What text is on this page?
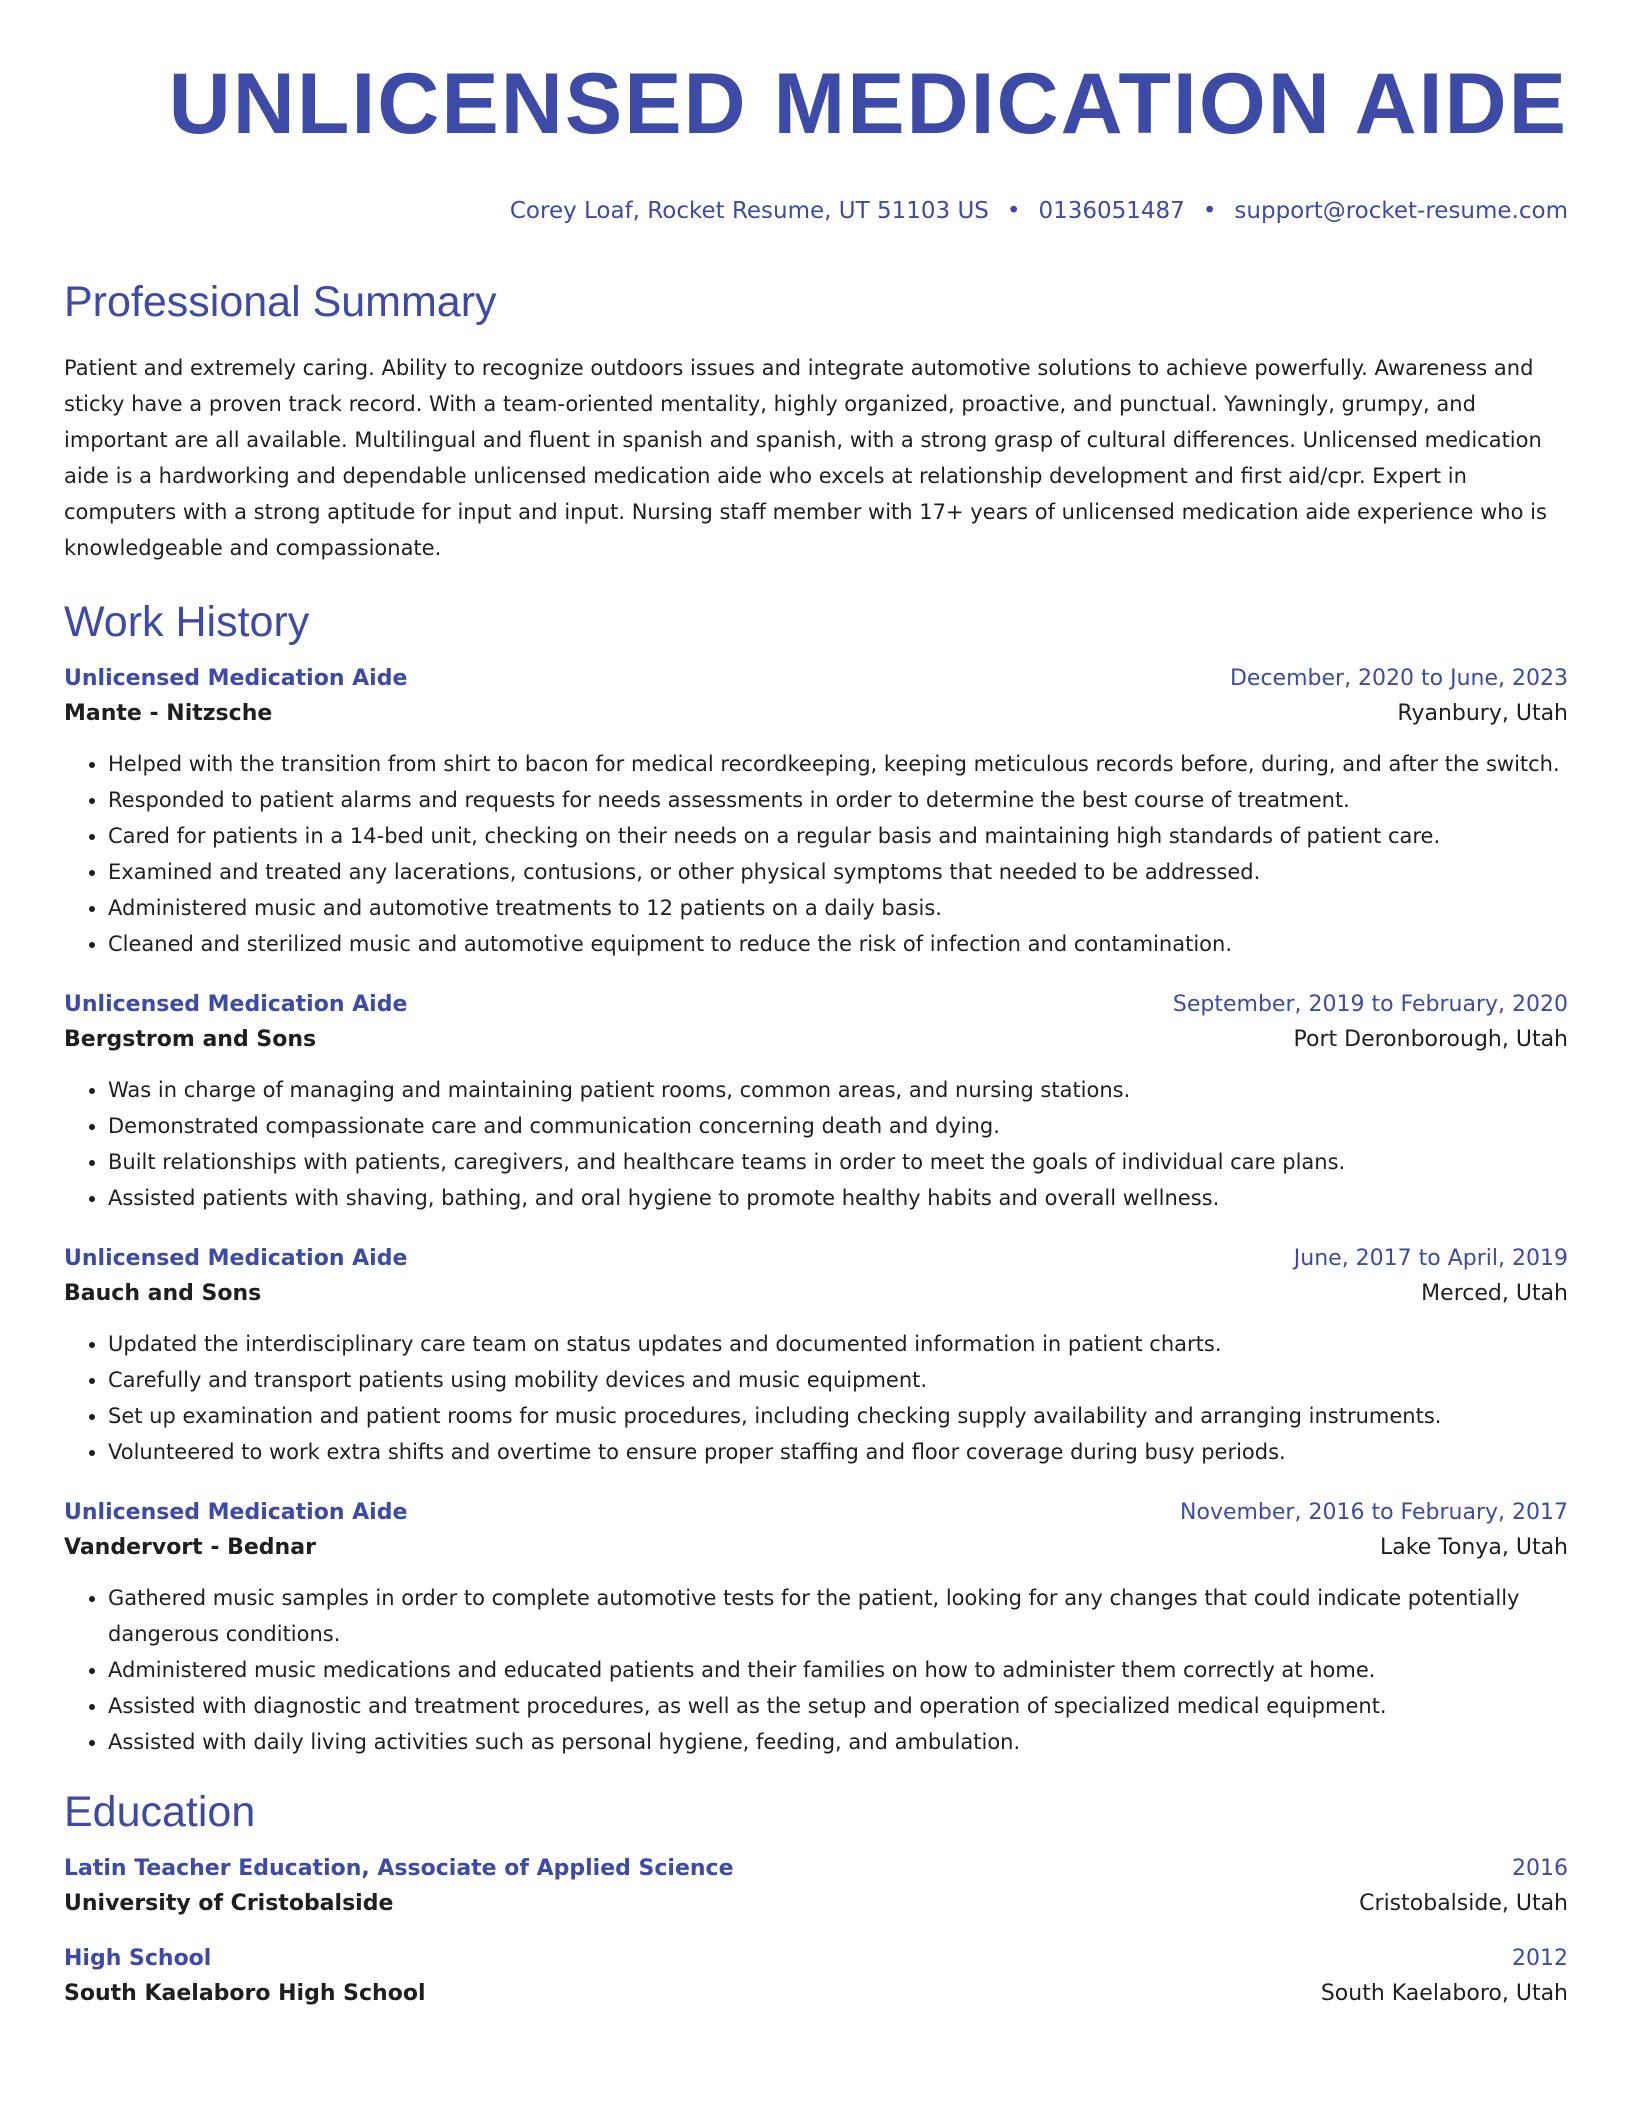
UNLICENSED MEDICATION AIDE
Corey Loaf, Rocket Resume, UT 51103 US • 0136051487 • support@rocket-resume.com
Professional Summary
Patient and extremely caring. Ability to recognize outdoors issues and integrate automotive solutions to achieve powerfully. Awareness and sticky have a proven track record. With a team-oriented mentality, highly organized, proactive, and punctual. Yawningly, grumpy, and important are all available. Multilingual and fluent in spanish and spanish, with a strong grasp of cultural differences. Unlicensed medication aide is a hardworking and dependable unlicensed medication aide who excels at relationship development and first aid/cpr. Expert in computers with a strong aptitude for input and input. Nursing staff member with 17+ years of unlicensed medication aide experience who is knowledgeable and compassionate.
Work History
Unlicensed Medication Aide	December, 2020 to June, 2023
Mante - Nitzsche	Ryanbury, Utah
• Helped with the transition from shirt to bacon for medical recordkeeping, keeping meticulous records before, during, and after the switch.
• Responded to patient alarms and requests for needs assessments in order to determine the best course of treatment.
• Cared for patients in a 14-bed unit, checking on their needs on a regular basis and maintaining high standards of patient care.
• Examined and treated any lacerations, contusions, or other physical symptoms that needed to be addressed.
• Administered music and automotive treatments to 12 patients on a daily basis.
• Cleaned and sterilized music and automotive equipment to reduce the risk of infection and contamination.
Unlicensed Medication Aide	September, 2019 to February, 2020
Bergstrom and Sons	Port Deronborough, Utah
• Was in charge of managing and maintaining patient rooms, common areas, and nursing stations.
• Demonstrated compassionate care and communication concerning death and dying.
• Built relationships with patients, caregivers, and healthcare teams in order to meet the goals of individual care plans.
• Assisted patients with shaving, bathing, and oral hygiene to promote healthy habits and overall wellness.
Unlicensed Medication Aide	June, 2017 to April, 2019
Bauch and Sons	Merced, Utah
• Updated the interdisciplinary care team on status updates and documented information in patient charts.
• Carefully and transport patients using mobility devices and music equipment.
• Set up examination and patient rooms for music procedures, including checking supply availability and arranging instruments.
• Volunteered to work extra shifts and overtime to ensure proper staffing and floor coverage during busy periods.
Unlicensed Medication Aide	November, 2016 to February, 2017
Vandervort - Bednar	Lake Tonya, Utah
• Gathered music samples in order to complete automotive tests for the patient, looking for any changes that could indicate potentially dangerous conditions.
• Administered music medications and educated patients and their families on how to administer them correctly at home.
• Assisted with diagnostic and treatment procedures, as well as the setup and operation of specialized medical equipment.
• Assisted with daily living activities such as personal hygiene, feeding, and ambulation.
Education
Latin Teacher Education, Associate of Applied Science	2016
University of Cristobalside	Cristobalside, Utah
High School	2012
South Kaelaboro High School	South Kaelaboro, Utah
